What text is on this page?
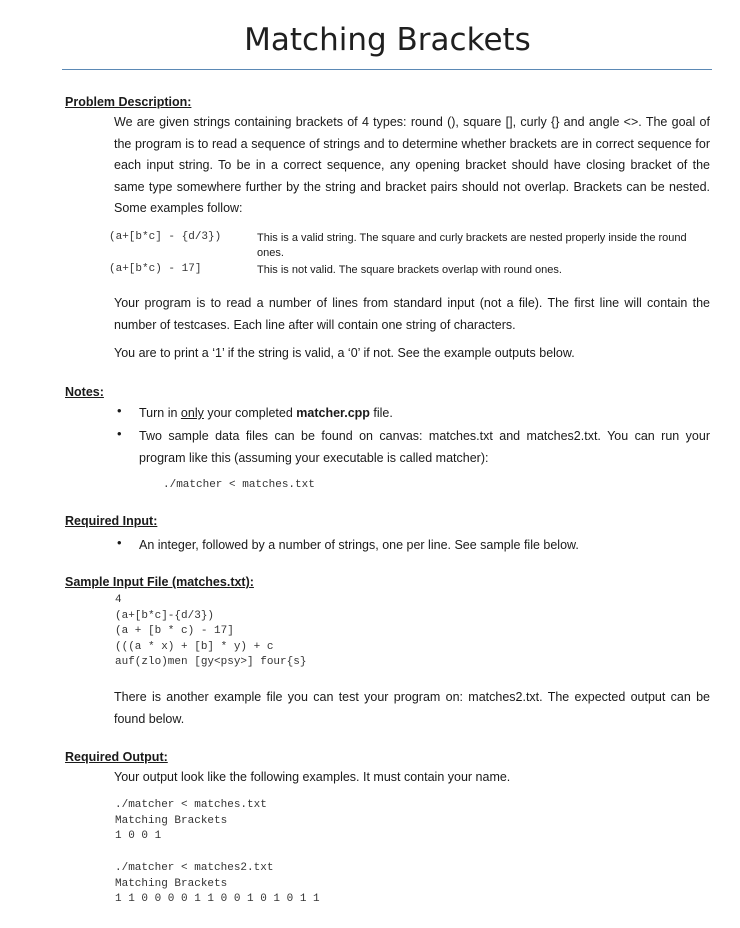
Matching Brackets
Problem Description:
We are given strings containing brackets of 4 types: round (), square [], curly {} and angle <>. The goal of the program is to read a sequence of strings and to determine whether brackets are in correct sequence for each input string. To be in a correct sequence, any opening bracket should have closing bracket of the same type somewhere further by the string and bracket pairs should not overlap. Brackets can be nested. Some examples follow:
(a+[b*c] - {d/3})	This is a valid string. The square and curly brackets are nested properly inside the round ones.
(a+[b*c) - 17]	This is not valid. The square brackets overlap with round ones.
Your program is to read a number of lines from standard input (not a file). The first line will contain the number of testcases. Each line after will contain one string of characters.
You are to print a ‘1’ if the string is valid, a ‘0’ if not. See the example outputs below.
Notes:
• Turn in only your completed matcher.cpp file.
• Two sample data files can be found on canvas: matches.txt and matches2.txt. You can run your program like this (assuming your executable is called matcher):
./matcher < matches.txt
Required Input:
• An integer, followed by a number of strings, one per line. See sample file below.
Sample Input File (matches.txt):
4
(a+[b*c]-{d/3})
(a + [b * c) - 17]
(((a * x) + [b] * y) + c
auf(zlo)men [gy<psy>] four{s}
There is another example file you can test your program on: matches2.txt. The expected output can be found below.
Required Output:
Your output look like the following examples. It must contain your name.
./matcher < matches.txt
Matching Brackets
1 0 0 1
./matcher < matches2.txt
Matching Brackets
1 1 0 0 0 0 1 1 0 0 1 0 1 0 1 1
